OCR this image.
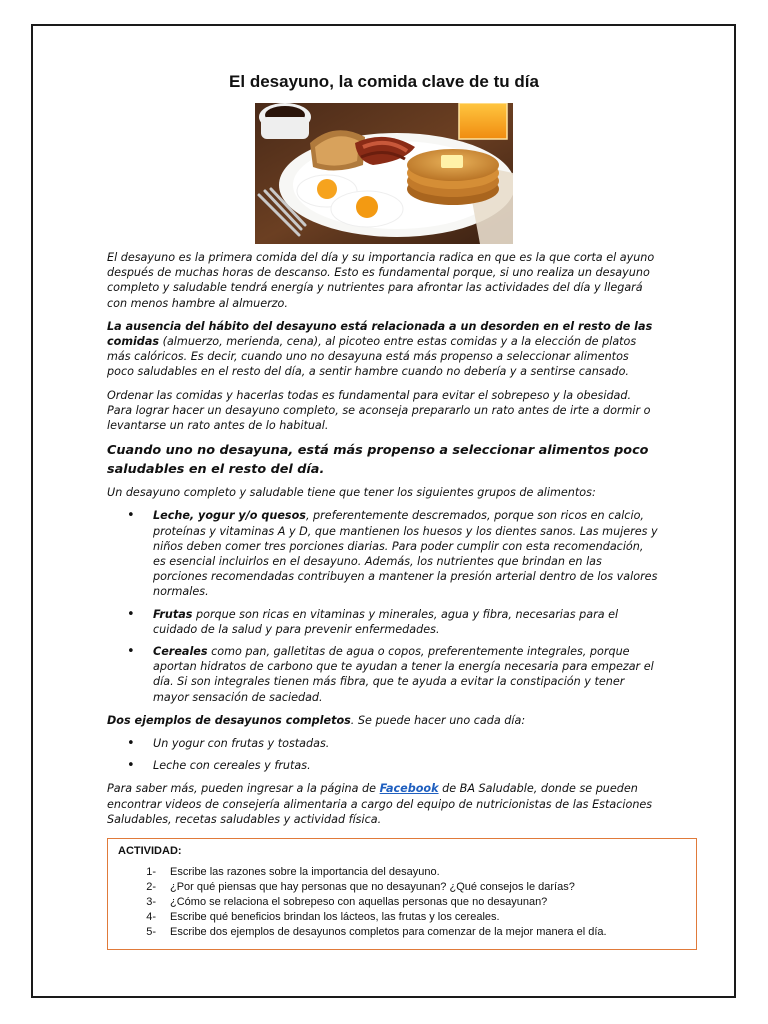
El desayuno, la comida clave de tu día

El desayuno es la primera comida del día y su importancia radica en que es la que corta el ayuno después de muchas horas de descanso. Esto es fundamental porque, si uno realiza un desayuno completo y saludable tendrá energía y nutrientes para afrontar las actividades del día y llegará con menos hambre al almuerzo.

La ausencia del hábito del desayuno está relacionada a un desorden en el resto de las comidas (almuerzo, merienda, cena), al picoteo entre estas comidas y a la elección de platos más calóricos. Es decir, cuando uno no desayuna está más propenso a seleccionar alimentos poco saludables en el resto del día, a sentir hambre cuando no debería y a sentirse cansado.

Ordenar las comidas y hacerlas todas es fundamental para evitar el sobrepeso y la obesidad. Para lograr hacer un desayuno completo, se aconseja prepararlo un rato antes de irte a dormir o levantarse un rato antes de lo habitual.

Cuando uno no desayuna, está más propenso a seleccionar alimentos poco saludables en el resto del día.

Un desayuno completo y saludable tiene que tener los siguientes grupos de alimentos:

• Leche, yogur y/o quesos, preferentemente descremados, porque son ricos en calcio, proteínas y vitaminas A y D, que mantienen los huesos y los dientes sanos. Las mujeres y niños deben comer tres porciones diarias. Para poder cumplir con esta recomendación, es esencial incluirlos en el desayuno. Además, los nutrientes que brindan en las porciones recomendadas contribuyen a mantener la presión arterial dentro de los valores normales.
• Frutas porque son ricas en vitaminas y minerales, agua y fibra, necesarias para el cuidado de la salud y para prevenir enfermedades.
• Cereales como pan, galletitas de agua o copos, preferentemente integrales, porque aportan hidratos de carbono que te ayudan a tener la energía necesaria para empezar el día. Si son integrales tienen más fibra, que te ayuda a evitar la constipación y tener mayor sensación de saciedad.

Dos ejemplos de desayunos completos. Se puede hacer uno cada día:

• Un yogur con frutas y tostadas.
• Leche con cereales y frutas.

Para saber más, pueden ingresar a la página de Facebook de BA Saludable, donde se pueden encontrar videos de consejería alimentaria a cargo del equipo de nutricionistas de las Estaciones Saludables, recetas saludables y actividad física.

ACTIVIDAD:
1-	Escribe las razones sobre la importancia del desayuno.
2-	¿Por qué piensas que hay personas que no desayunan? ¿Qué consejos le darías?
3-	¿Cómo se relaciona el sobrepeso con aquellas personas que no desayunan?
4-	Escribe qué beneficios brindan los lácteos, las frutas y los cereales.
5-	Escribe dos ejemplos de desayunos completos para comenzar de la mejor manera el día.
